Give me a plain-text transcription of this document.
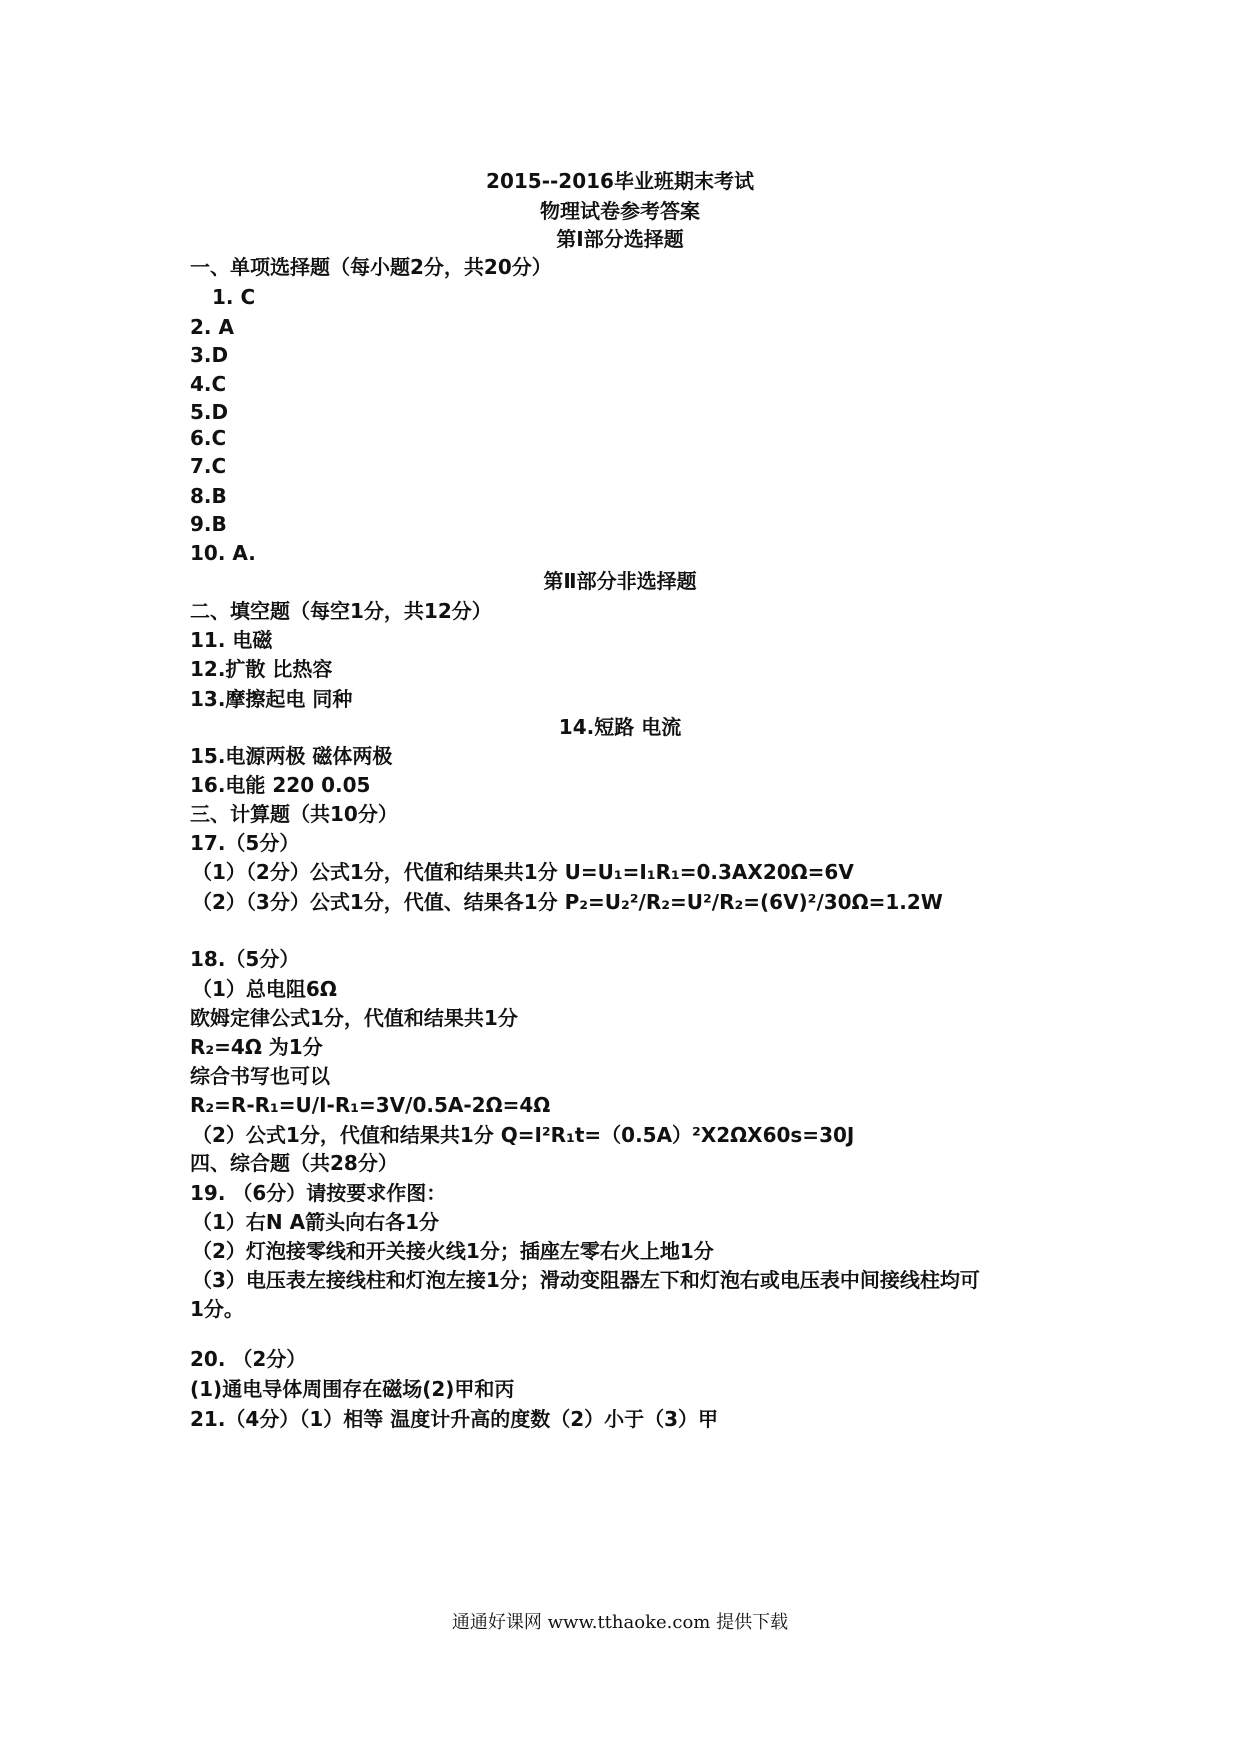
2015--2016毕业班期末考试
物理试卷参考答案
第Ⅰ部分选择题
一、单项选择题（每小题2分，共20分）
1. C
2. A
3.D
4.C
5.D
6.C
7.C
8.B
9.B
10. A.
第Ⅱ部分非选择题
二、填空题（每空1分，共12分）
11. 电磁
12.扩散 比热容
13.摩擦起电 同种
14.短路 电流
15.电源两极 磁体两极
16.电能 220 0.05
三、计算题（共10分）
17.（5分）
（1）（2分）公式1分，代值和结果共1分 U=U₁=I₁R₁=0.3AX20Ω=6V
（2）（3分）公式1分，代值、结果各1分 P₂=U₂²/R₂=U²/R₂=(6V)²/30Ω=1.2W
18.（5分）
（1）总电阻6Ω
欧姆定律公式1分，代值和结果共1分
R₂=4Ω 为1分
综合书写也可以
R₂=R-R₁=U/I-R₁=3V/0.5A-2Ω=4Ω
（2）公式1分，代值和结果共1分 Q=I²R₁t=（0.5A）²X2ΩX60s=30J
四、综合题（共28分）
19. （6分）请按要求作图：
（1）右N A箭头向右各1分
（2）灯泡接零线和开关接火线1分；插座左零右火上地1分
（3）电压表左接线柱和灯泡左接1分；滑动变阻器左下和灯泡右或电压表中间接线柱均可
1分。
20. （2分）
(1)通电导体周围存在磁场(2)甲和丙
21.（4分）（1）相等 温度计升高的度数（2）小于（3）甲
通通好课网 www.tthaoke.com 提供下载
